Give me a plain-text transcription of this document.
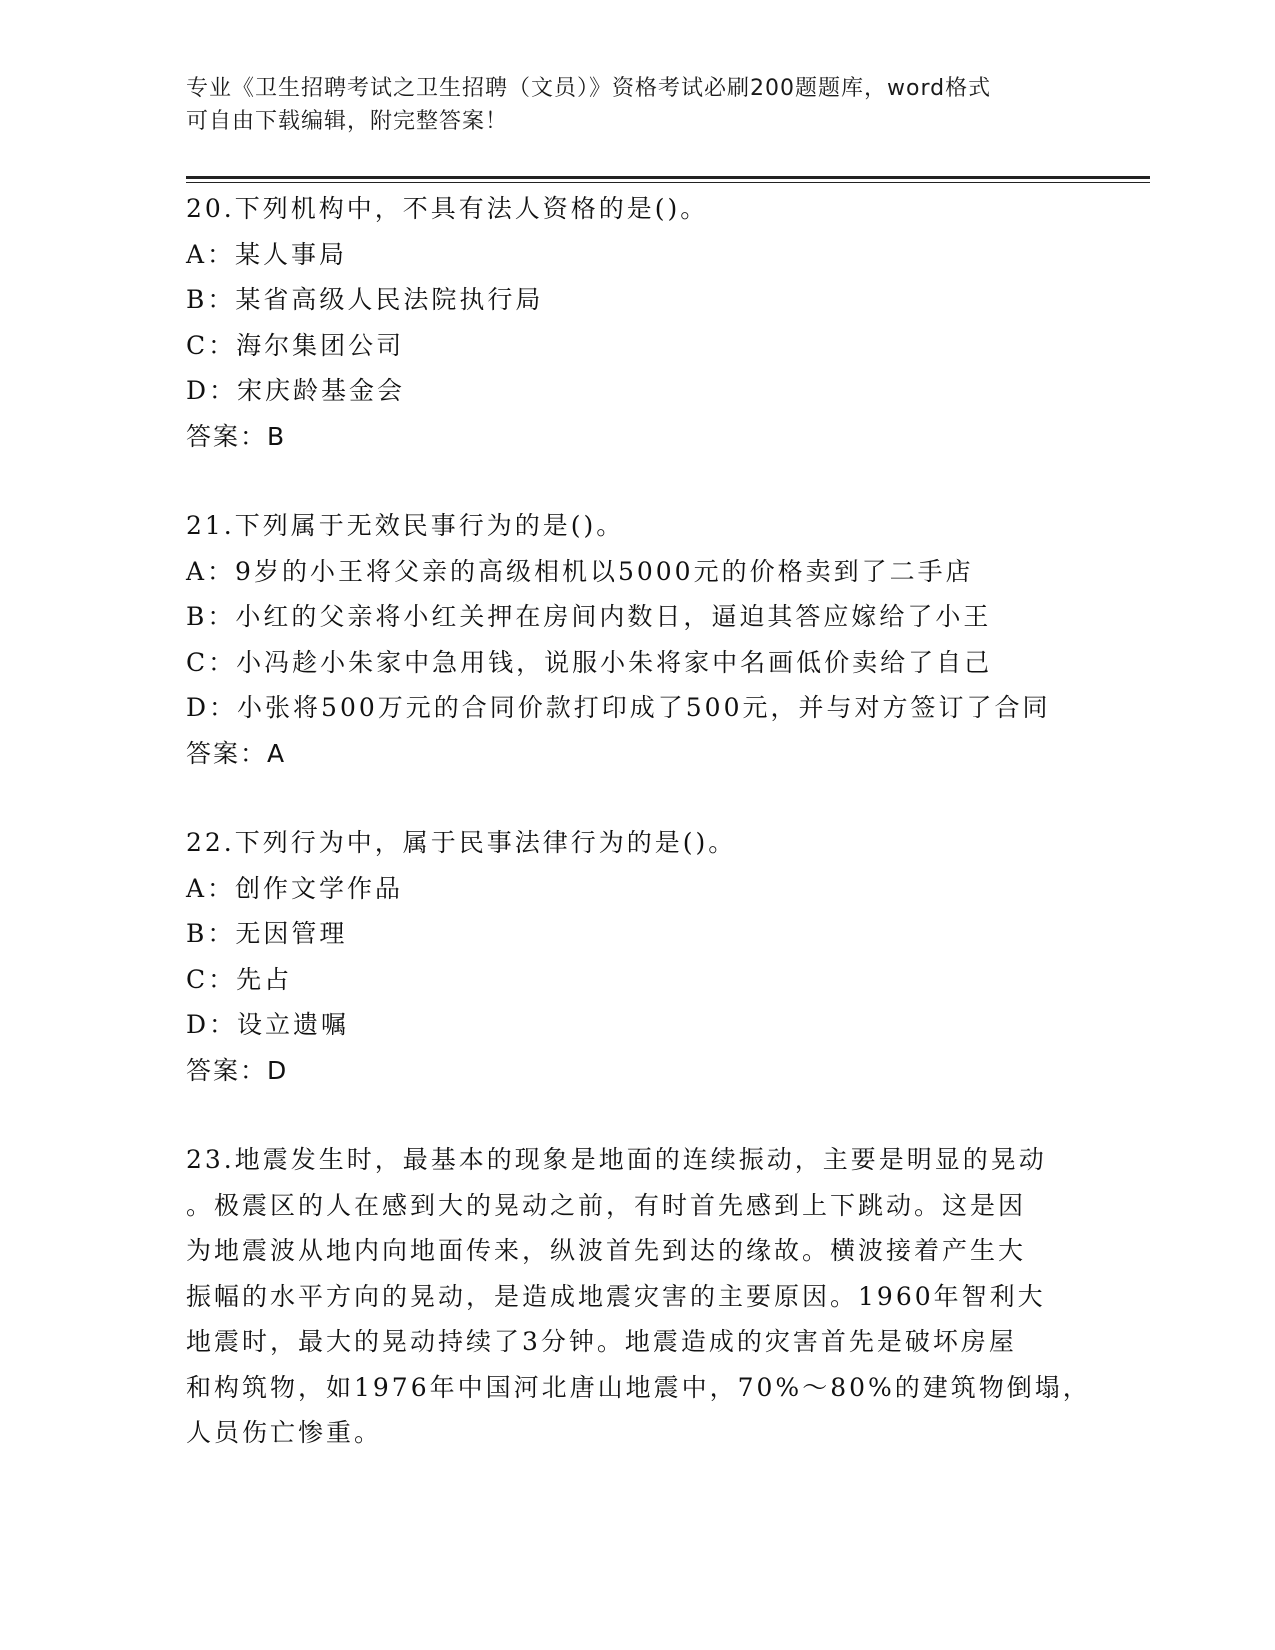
专业《卫生招聘考试之卫生招聘（文员）》资格考试必刷200题题库，word格式
可自由下载编辑，附完整答案！
20.下列机构中，不具有法人资格的是()。
A：某人事局
B：某省高级人民法院执行局
C：海尔集团公司
D：宋庆龄基金会
答案：B
21.下列属于无效民事行为的是()。
A：9岁的小王将父亲的高级相机以5000元的价格卖到了二手店
B：小红的父亲将小红关押在房间内数日，逼迫其答应嫁给了小王
C：小冯趁小朱家中急用钱，说服小朱将家中名画低价卖给了自己
D：小张将500万元的合同价款打印成了500元，并与对方签订了合同
答案：A
22.下列行为中，属于民事法律行为的是()。
A：创作文学作品
B：无因管理
C：先占
D：设立遗嘱
答案：D
23.地震发生时，最基本的现象是地面的连续振动，主要是明显的晃动
。极震区的人在感到大的晃动之前，有时首先感到上下跳动。这是因
为地震波从地内向地面传来，纵波首先到达的缘故。横波接着产生大
振幅的水平方向的晃动，是造成地震灾害的主要原因。1960年智利大
地震时，最大的晃动持续了3分钟。地震造成的灾害首先是破坏房屋
和构筑物，如1976年中国河北唐山地震中，70%～80%的建筑物倒塌，
人员伤亡惨重。
